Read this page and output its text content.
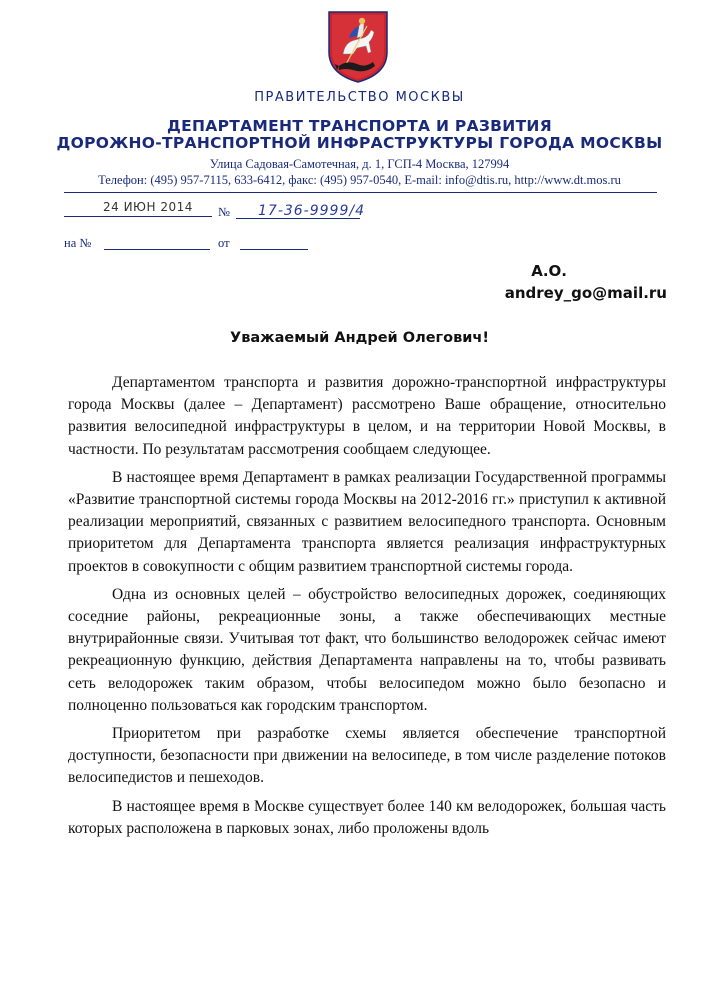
ПРАВИТЕЛЬСТВО МОСКВЫ
ДЕПАРТАМЕНТ ТРАНСПОРТА И РАЗВИТИЯ
ДОРОЖНО-ТРАНСПОРТНОЙ ИНФРАСТРУКТУРЫ ГОРОДА МОСКВЫ
Улица Садовая-Самотечная, д. 1, ГСП-4 Москва, 127994
Телефон: (495) 957-7115, 633-6412, факс: (495) 957-0540, E-mail: info@dtis.ru, http://www.dt.mos.ru
24 ИЮН 2014 № 17-36-9999/4
на №	от
А.О.
andrey_go@mail.ru
Уважаемый Андрей Олегович!

Департаментом транспорта и развития дорожно-транспортной инфраструктуры города Москвы (далее – Департамент) рассмотрено Ваше обращение, относительно развития велосипедной инфраструктуры в целом, и на территории Новой Москвы, в частности. По результатам рассмотрения сообщаем следующее.

В настоящее время Департамент в рамках реализации Государственной программы «Развитие транспортной системы города Москвы на 2012-2016 гг.» приступил к активной реализации мероприятий, связанных с развитием велосипедного транспорта. Основным приоритетом для Департамента транспорта является реализация инфраструктурных проектов в совокупности с общим развитием транспортной системы города.

Одна из основных целей – обустройство велосипедных дорожек, соединяющих соседние районы, рекреационные зоны, а также обеспечивающих местные внутрирайонные связи. Учитывая тот факт, что большинство велодорожек сейчас имеют рекреационную функцию, действия Департамента направлены на то, чтобы развивать сеть велодорожек таким образом, чтобы велосипедом можно было безопасно и полноценно пользоваться как городским транспортом.

Приоритетом при разработке схемы является обеспечение транспортной доступности, безопасности при движении на велосипеде, в том числе разделение потоков велосипедистов и пешеходов.

В настоящее время в Москве существует более 140 км велодорожек, большая часть которых расположена в парковых зонах, либо проложены вдоль
